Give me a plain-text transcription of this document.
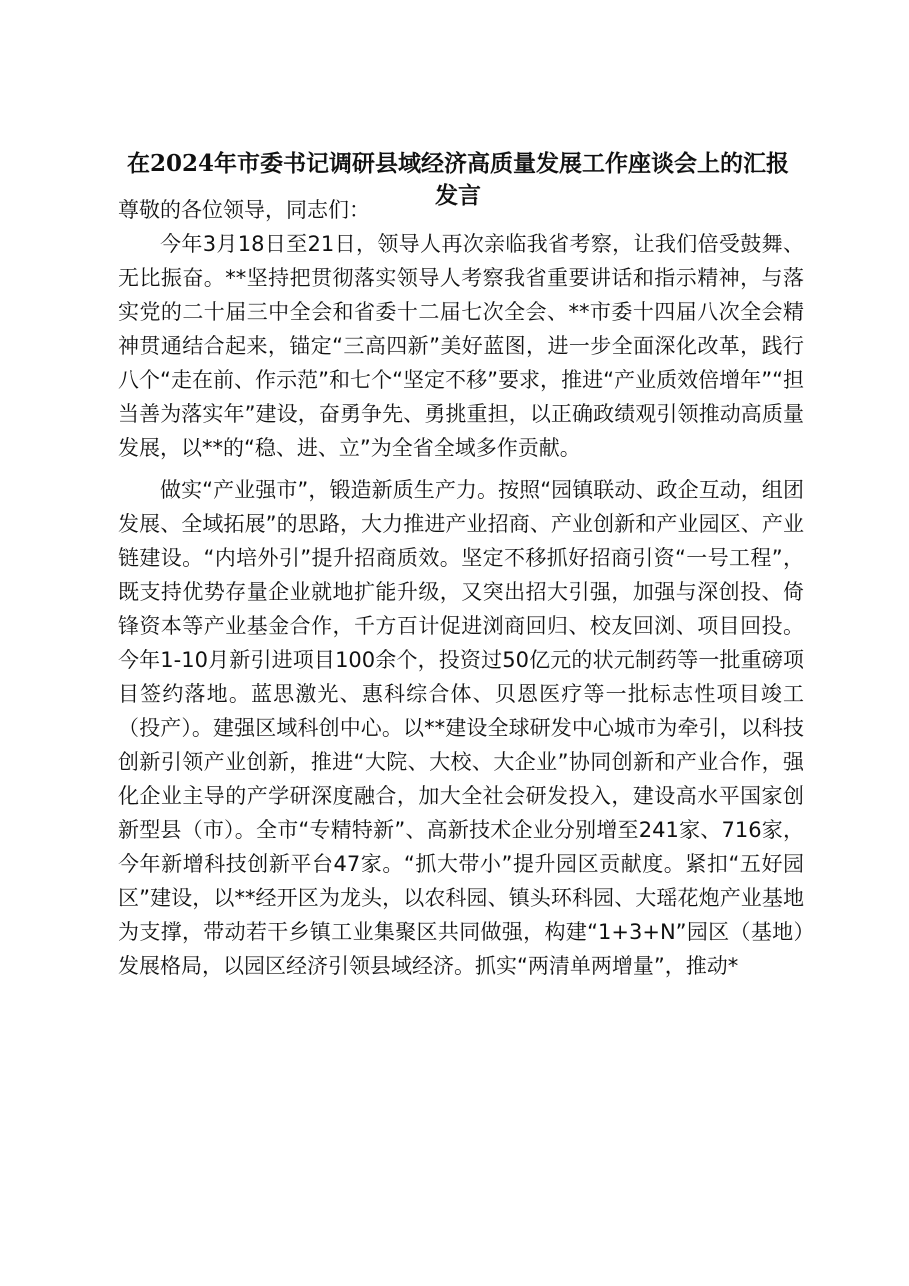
在2024年市委书记调研县域经济高质量发展工作座谈会上的汇报发言

尊敬的各位领导，同志们：

今年3月18日至21日，领导人再次亲临我省考察，让我们倍受鼓舞、无比振奋。**坚持把贯彻落实领导人考察我省重要讲话和指示精神，与落实党的二十届三中全会和省委十二届七次全会、**市委十四届八次全会精神贯通结合起来，锚定“三高四新”美好蓝图，进一步全面深化改革，践行八个“走在前、作示范”和七个“坚定不移”要求，推进“产业质效倍增年”“担当善为落实年”建设，奋勇争先、勇挑重担，以正确政绩观引领推动高质量发展，以**的“稳、进、立”为全省全域多作贡献。

做实“产业强市”，锻造新质生产力。按照“园镇联动、政企互动，组团发展、全域拓展”的思路，大力推进产业招商、产业创新和产业园区、产业链建设。“内培外引”提升招商质效。坚定不移抓好招商引资“一号工程”，既支持优势存量企业就地扩能升级，又突出招大引强，加强与深创投、倚锋资本等产业基金合作，千方百计促进浏商回归、校友回浏、项目回投。今年1-10月新引进项目100余个，投资过50亿元的状元制药等一批重磅项目签约落地。蓝思激光、惠科综合体、贝恩医疗等一批标志性项目竣工（投产）。建强区域科创中心。以**建设全球研发中心城市为牵引，以科技创新引领产业创新，推进“大院、大校、大企业”协同创新和产业合作，强化企业主导的产学研深度融合，加大全社会研发投入，建设高水平国家创新型县（市）。全市“专精特新”、高新技术企业分别增至241家、716家，今年新增科技创新平台47家。“抓大带小”提升园区贡献度。紧扣“五好园区”建设，以**经开区为龙头，以农科园、镇头环科园、大瑶花炮产业基地为支撑，带动若干乡镇工业集聚区共同做强，构建“1+3+N”园区（基地）发展格局，以园区经济引领县域经济。抓实“两清单两增量”，推动*
